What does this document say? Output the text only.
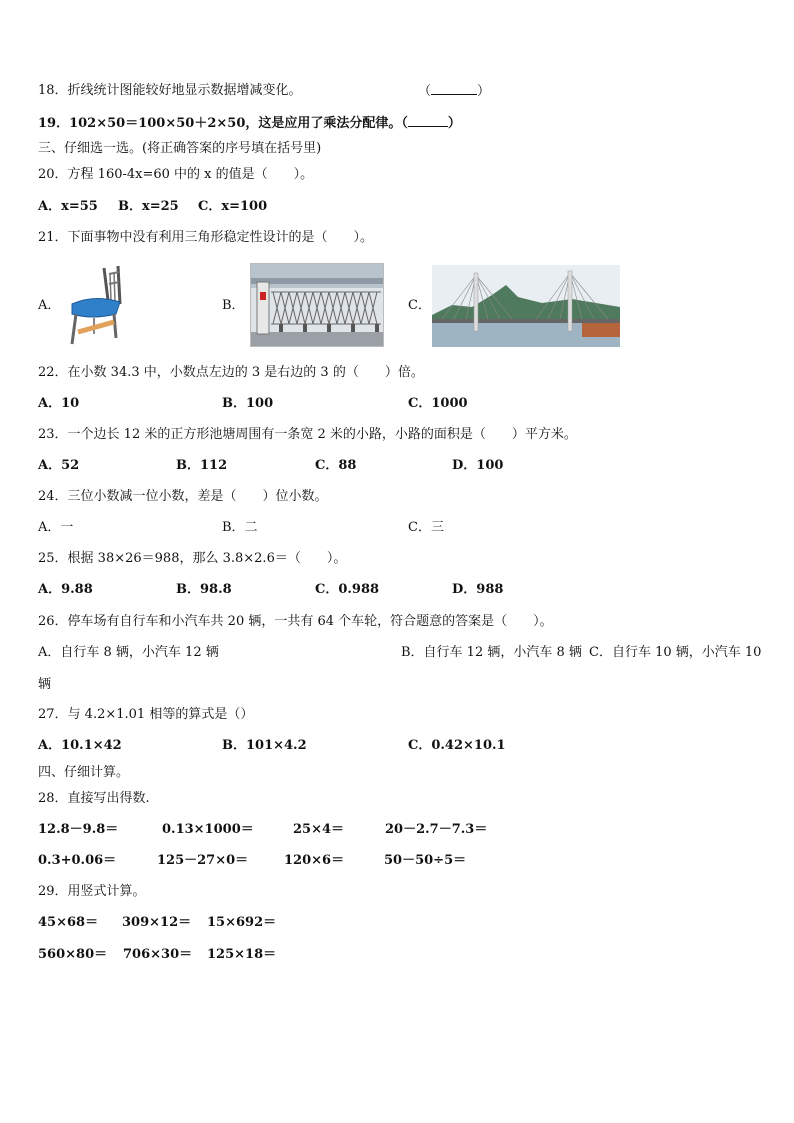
18．折线统计图能较好地显示数据增减变化。	（	）
19．102×50＝100×50＋2×50，这是应用了乘法分配律。（	）
三、仔细选一选。(将正确答案的序号填在括号里)
20．方程 160-4x=60 中的 x 的值是（　　）。
A．x=55 B．x=25 C．x=100
21．下面事物中没有利用三角形稳定性设计的是（　　）。
A．	B．	C．
22．在小数 34.3 中，小数点左边的 3 是右边的 3 的（　　）倍。
A．10	B．100	C．1000
23．一个边长 12 米的正方形池塘周围有一条宽 2 米的小路，小路的面积是（　　）平方米。
A．52	B．112	C．88	D．100
24．三位小数减一位小数，差是（　　）位小数。
A．一	B．二	C．三
25．根据 38×26＝988，那么 3.8×2.6＝（　　）。
A．9.88	B．98.8	C．0.988	D．988
26．停车场有自行车和小汽车共 20 辆，一共有 64 个车轮，符合题意的答案是（　　）。
A．自行车 8 辆，小汽车 12 辆	B．自行车 12 辆，小汽车 8 辆 C．自行车 10 辆，小汽车 10
辆
27．与 4.2×1.01 相等的算式是（）
A．10.1×42	B．101×4.2	C．0.42×10.1
四、仔细计算。
28．直接写出得数.
12.8－9.8＝	0.13×1000＝	25×4＝	20－2.7－7.3＝
0.3+0.06＝	125－27×0＝	120×6＝	50－50÷5＝
29．用竖式计算。
45×68＝ 309×12＝ 15×692＝
560×80＝ 706×30＝ 125×18＝
